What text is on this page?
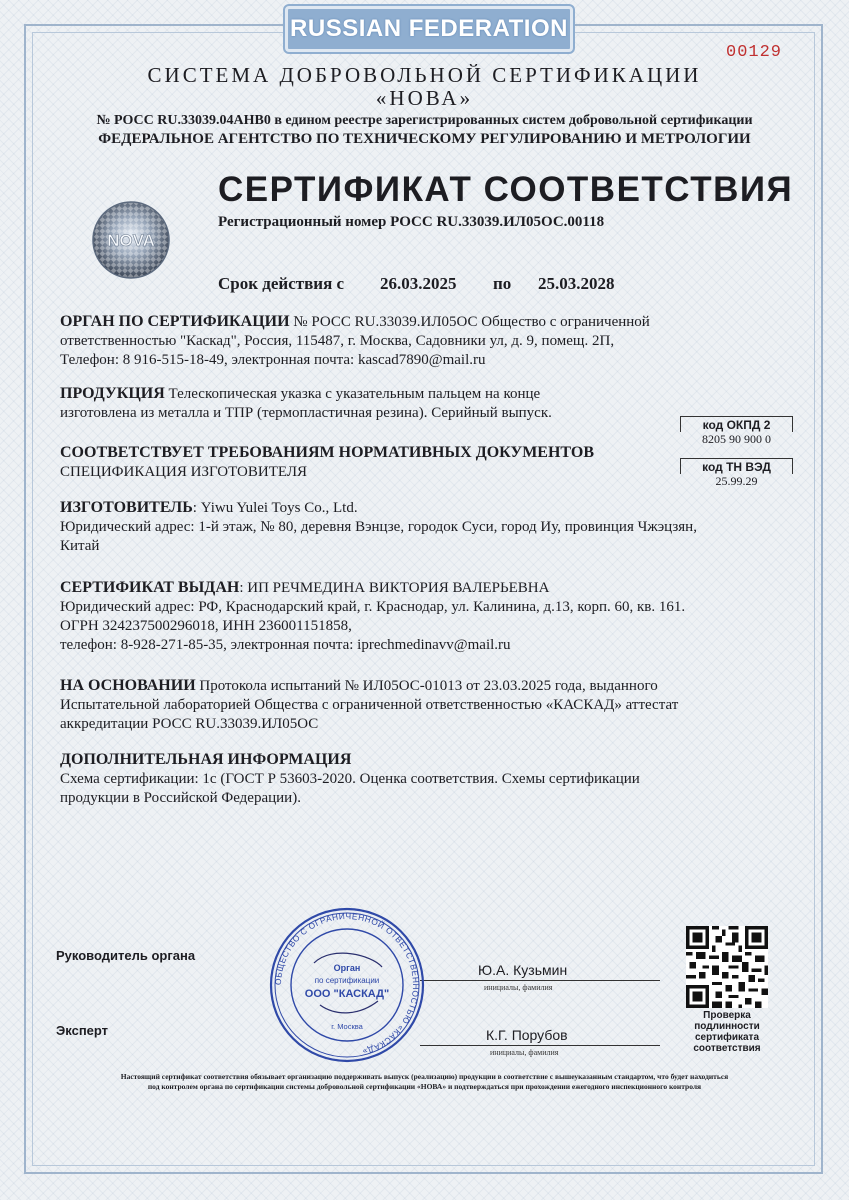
RUSSIAN FEDERATION
00129
СИСТЕМА ДОБРОВОЛЬНОЙ СЕРТИФИКАЦИИ
«НОВА»
№ РОСС RU.33039.04АНВ0 в едином реестре зарегистрированных систем добровольной сертификации
ФЕДЕРАЛЬНОЕ АГЕНТСТВО ПО ТЕХНИЧЕСКОМУ РЕГУЛИРОВАНИЮ И МЕТРОЛОГИИ
NOVA
СЕРТИФИКАТ СООТВЕТСТВИЯ
Регистрационный номер РОСС RU.33039.ИЛ05ОС.00118
Срок действия с 26.03.2025 по 25.03.2028
ОРГАН ПО СЕРТИФИКАЦИИ № РОСС RU.33039.ИЛ05ОС Общество с ограниченной
ответственностью "Каскад", Россия, 115487, г. Москва, Садовники ул, д. 9, помещ. 2П,
Телефон: 8 916-515-18-49, электронная почта: kascad7890@mail.ru
ПРОДУКЦИЯ Телескопическая указка с указательным пальцем на конце
изготовлена из металла и ТПР (термопластичная резина). Серийный выпуск.
код ОКПД 2
8205 90 900 0
код ТН ВЭД
25.99.29
СООТВЕТСТВУЕТ ТРЕБОВАНИЯМ НОРМАТИВНЫХ ДОКУМЕНТОВ
СПЕЦИФИКАЦИЯ ИЗГОТОВИТЕЛЯ
ИЗГОТОВИТЕЛЬ: Yiwu Yulei Toys Co., Ltd.
Юридический адрес: 1-й этаж, № 80, деревня Вэнцзе, городок Суси, город Иу, провинция Чжэцзян,
Китай
СЕРТИФИКАТ ВЫДАН: ИП РЕЧМЕДИНА ВИКТОРИЯ ВАЛЕРЬЕВНА
Юридический адрес: РФ, Краснодарский край, г. Краснодар, ул. Калинина, д.13, корп. 60, кв. 161.
ОГРН 324237500296018, ИНН 236001151858,
телефон: 8-928-271-85-35, электронная почта: iprechmedinavv@mail.ru
НА ОСНОВАНИИ Протокола испытаний № ИЛ05ОС-01013 от 23.03.2025 года, выданного
Испытательной лабораторией Общества с ограниченной ответственностью «КАСКАД» аттестат
аккредитации РОСС RU.33039.ИЛ05ОС
ДОПОЛНИТЕЛЬНАЯ ИНФОРМАЦИЯ
Схема сертификации: 1с (ГОСТ Р 53603-2020. Оценка соответствия. Схемы сертификации
продукции в Российской Федерации).
Руководитель органа
Ю.А. Кузьмин
инициалы, фамилия
Эксперт	К.Г. Порубов
инициалы, фамилия
ОБЩЕСТВО С ОГРАНИЧЕННОЙ ОТВЕТСТВЕННОСТЬЮ «КАСКАД»
Орган
по сертификации
ООО "КАСКАД"
г. Москва
Проверка
подлинности
сертификата
соответствия
Настоящий сертификат соответствия обязывает организацию поддерживать выпуск (реализацию) продукции в соответствие с вышеуказанным стандартом, что будет находиться
под контролем органа по сертификации системы добровольной сертификации «НОВА» и подтверждаться при прохождении ежегодного инспекционного контроля
